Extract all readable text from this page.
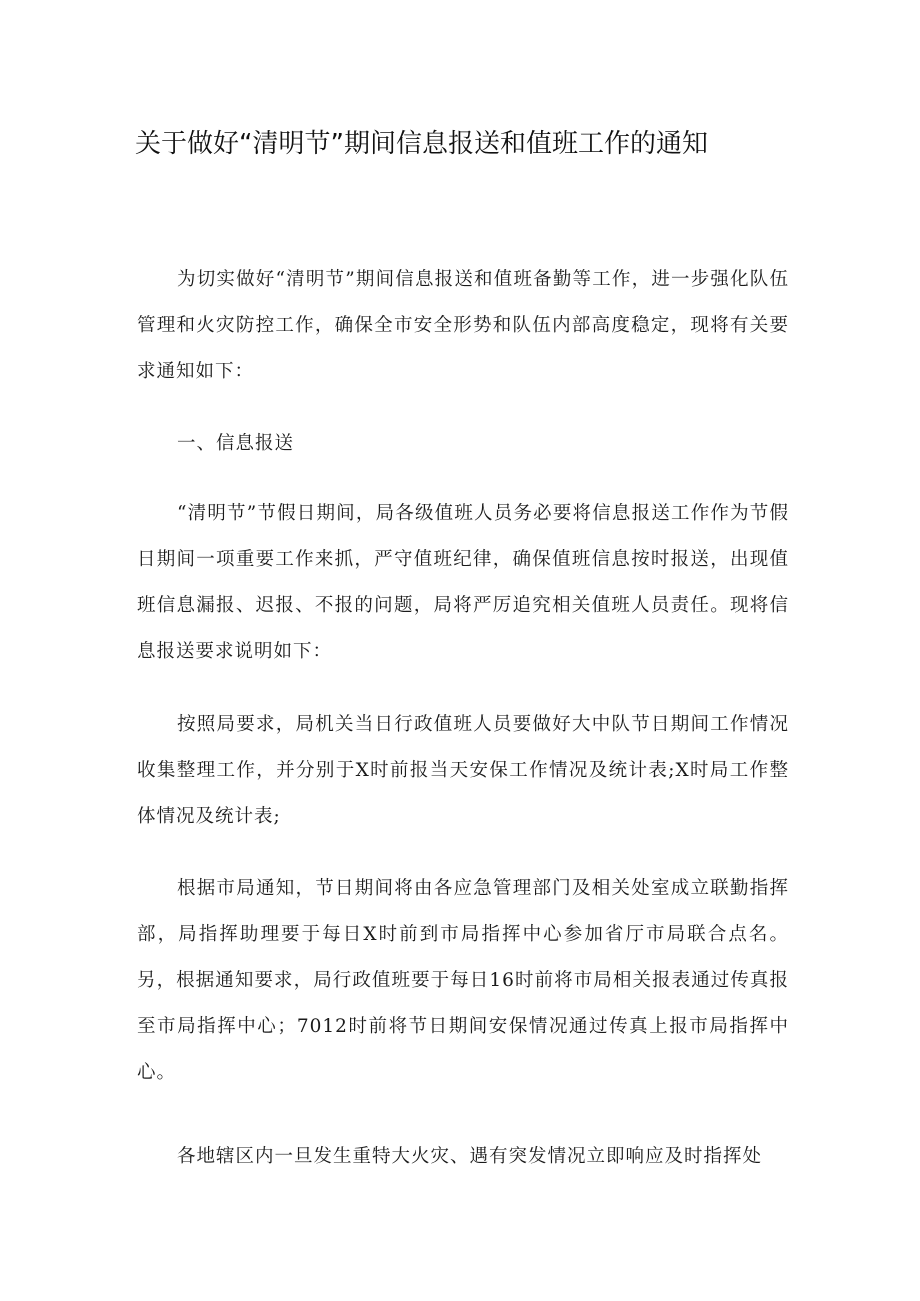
关于做好“清明节”期间信息报送和值班工作的通知

为切实做好“清明节”期间信息报送和值班备勤等工作，进一步强化队伍管理和火灾防控工作，确保全市安全形势和队伍内部高度稳定，现将有关要求通知如下：

一、信息报送

“清明节”节假日期间，局各级值班人员务必要将信息报送工作作为节假日期间一项重要工作来抓，严守值班纪律，确保值班信息按时报送，出现值班信息漏报、迟报、不报的问题，局将严厉追究相关值班人员责任。现将信息报送要求说明如下：

按照局要求，局机关当日行政值班人员要做好大中队节日期间工作情况收集整理工作，并分别于X时前报当天安保工作情况及统计表;X时局工作整体情况及统计表;

根据市局通知，节日期间将由各应急管理部门及相关处室成立联勤指挥部，局指挥助理要于每日X时前到市局指挥中心参加省厅市局联合点名。另，根据通知要求，局行政值班要于每日16时前将市局相关报表通过传真报至市局指挥中心；7012时前将节日期间安保情况通过传真上报市局指挥中心。

各地辖区内一旦发生重特大火灾、遇有突发情况立即响应及时指挥处
